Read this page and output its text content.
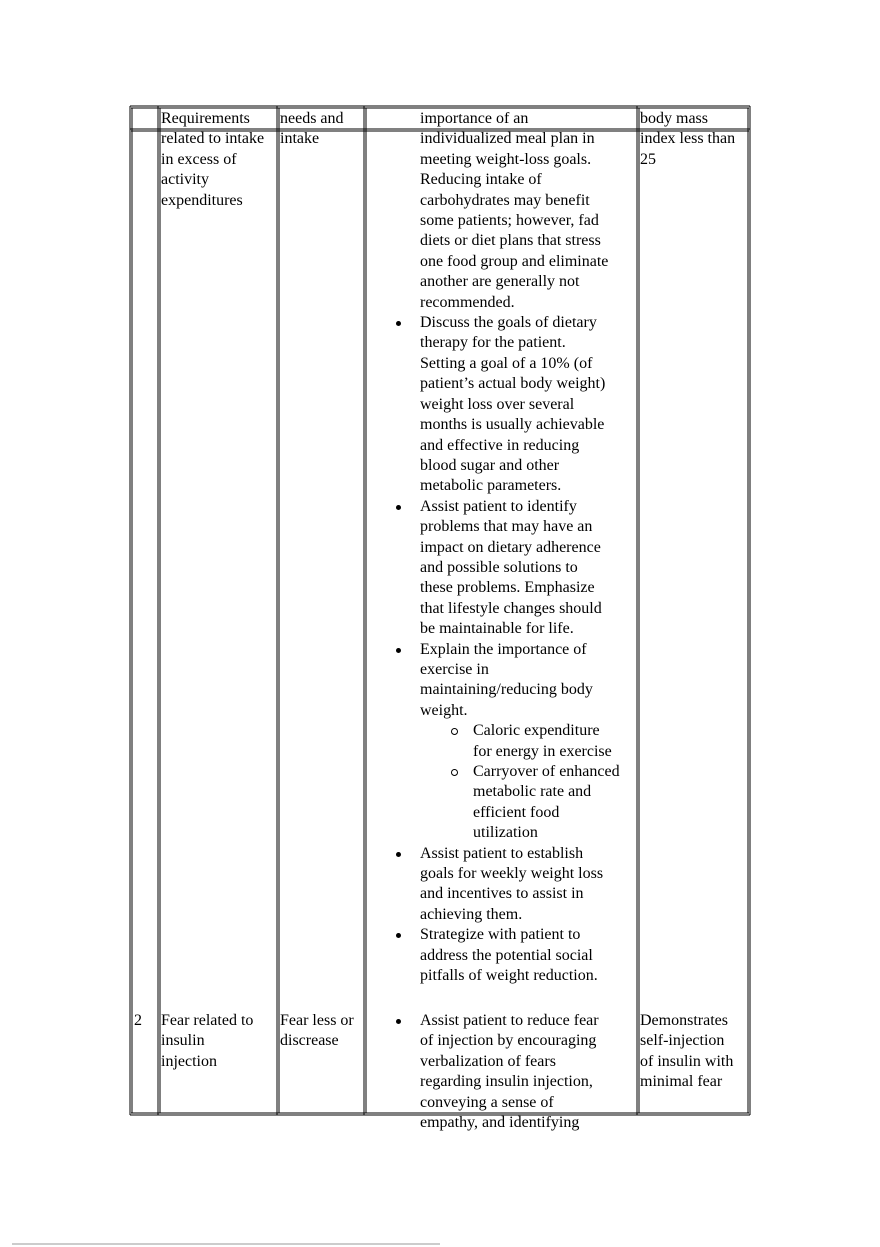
Requirements
related to intake
in excess of
activity
expenditures
needs and
intake
importance of an
individualized meal plan in
meeting weight-loss goals.
Reducing intake of
carbohydrates may benefit
some patients; however, fad
diets or diet plans that stress
one food group and eliminate
another are generally not
recommended.
Discuss the goals of dietary
therapy for the patient.
Setting a goal of a 10% (of
patient’s actual body weight)
weight loss over several
months is usually achievable
and effective in reducing
blood sugar and other
metabolic parameters.
Assist patient to identify
problems that may have an
impact on dietary adherence
and possible solutions to
these problems. Emphasize
that lifestyle changes should
be maintainable for life.
Explain the importance of
exercise in
maintaining/reducing body
weight.
Caloric expenditure
for energy in exercise
Carryover of enhanced
metabolic rate and
efficient food
utilization
Assist patient to establish
goals for weekly weight loss
and incentives to assist in
achieving them.
Strategize with patient to
address the potential social
pitfalls of weight reduction.
body mass
index less than
25
2 Fear related to
insulin
injection
Fear less or
discrease
Assist patient to reduce fear
of injection by encouraging
verbalization of fears
regarding insulin injection,
conveying a sense of
empathy, and identifying
Demonstrates
self-injection
of insulin with
minimal fear
